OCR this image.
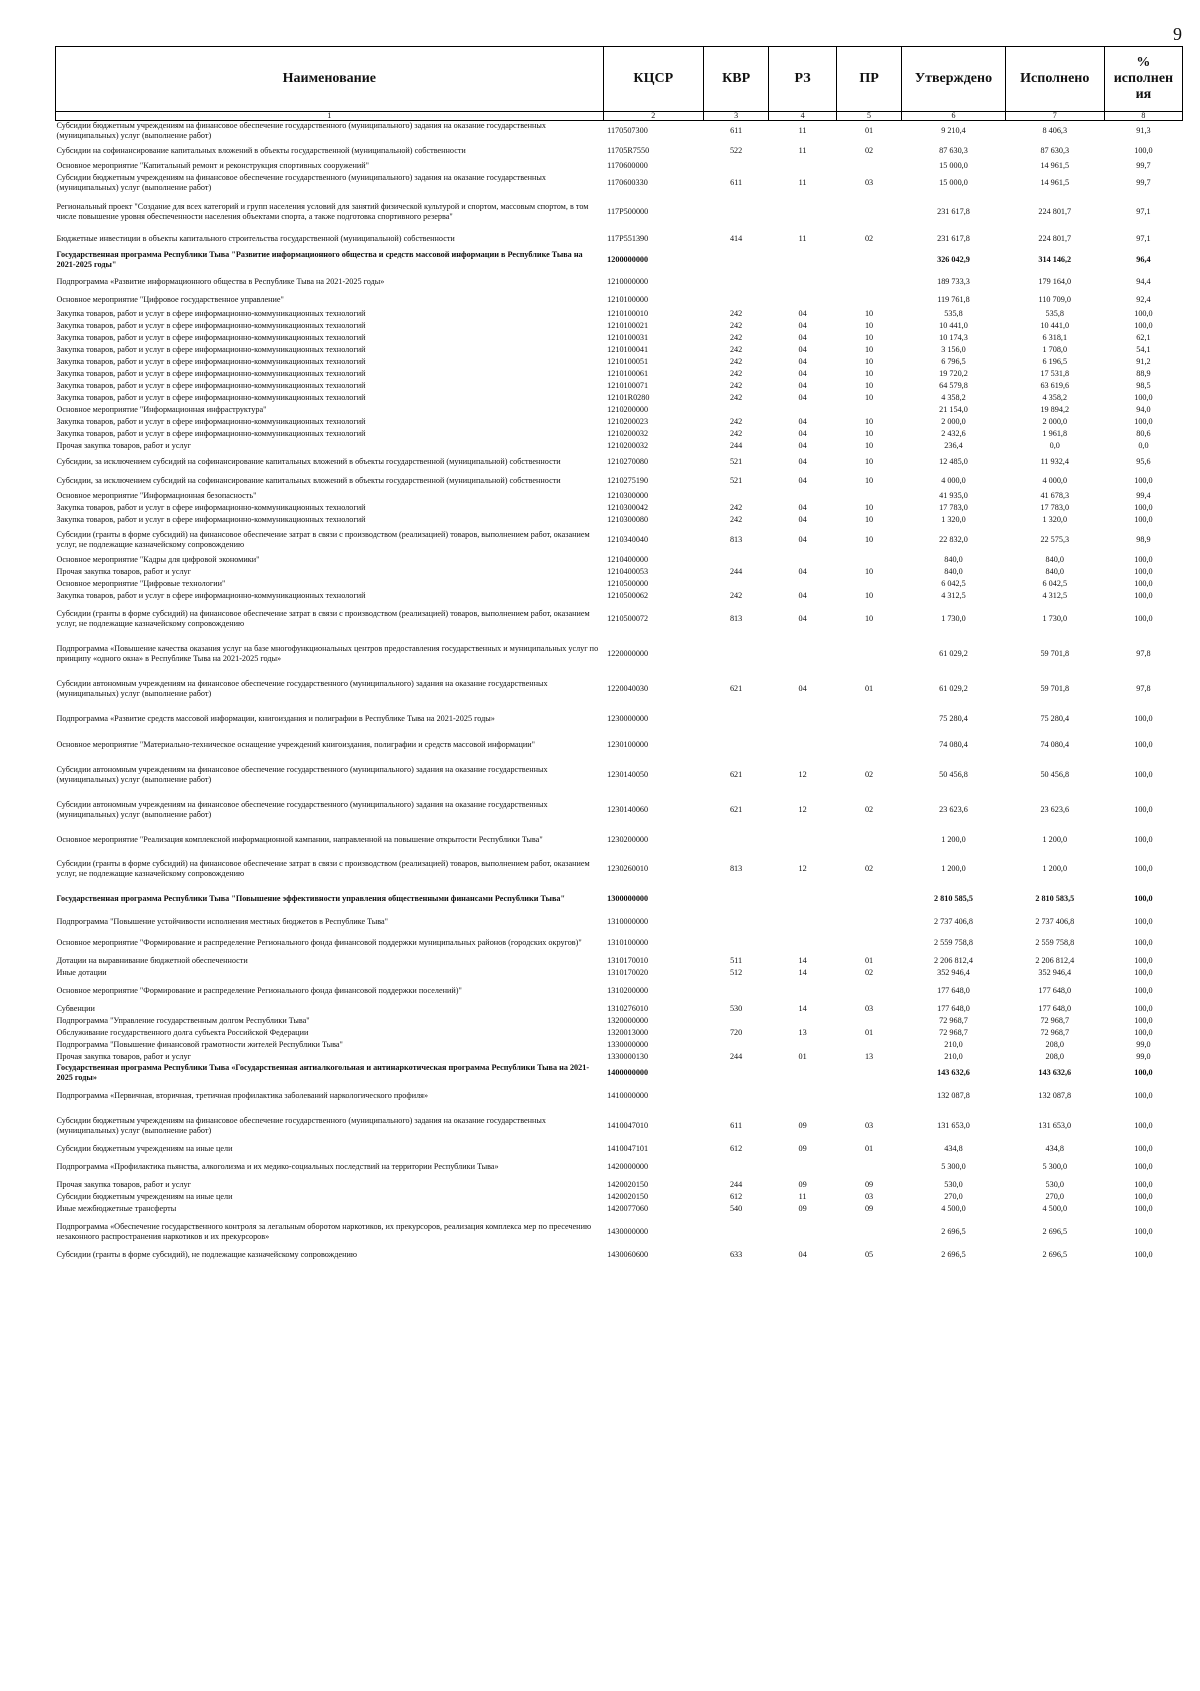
9
Наименование	КЦСР	КВР	РЗ	ПР	Утверждено	Исполнено	% исполнен ия
1	2	3	4	5	6	7	8
Субсидии бюджетным учреждениям на финансовое обеспечение государственного (муниципального) задания на оказание государственных (муниципальных) услуг (выполнение работ)	1170507300	611	11	01	9 210,4	8 406,3	91,3
Субсидии на софинансирование капитальных вложений в объекты государственной (муниципальной) собственности	11705R7550	522	11	02	87 630,3	87 630,3	100,0
Основное мероприятие "Капитальный ремонт и реконструкция спортивных сооружений"	1170600000				15 000,0	14 961,5	99,7
Субсидии бюджетным учреждениям на финансовое обеспечение государственного (муниципального) задания на оказание государственных (муниципальных) услуг (выполнение работ)	1170600330	611	11	03	15 000,0	14 961,5	99,7
Региональный проект "Создание для всех категорий и групп населения условий для занятий физической культурой и спортом, массовым спортом, в том числе повышение уровня обеспеченности населения объектами спорта, а также подготовка спортивного резерва"	117P500000				231 617,8	224 801,7	97,1
Бюджетные инвестиции в объекты капитального строительства государственной (муниципальной) собственности	117P551390	414	11	02	231 617,8	224 801,7	97,1
Государственная программа Республики Тыва "Развитие информационного общества и средств массовой информации в Республике Тыва на 2021-2025 годы"	1200000000				326 042,9	314 146,2	96,4
Подпрограмма «Развитие информационного общества в Республике Тыва на 2021-2025 годы»	1210000000				189 733,3	179 164,0	94,4
Основное мероприятие "Цифровое государственное управление"	1210100000				119 761,8	110 709,0	92,4
Закупка товаров, работ и услуг в сфере информационно-коммуникационных технологий	1210100010	242	04	10	535,8	535,8	100,0
Закупка товаров, работ и услуг в сфере информационно-коммуникационных технологий	1210100021	242	04	10	10 441,0	10 441,0	100,0
Закупка товаров, работ и услуг в сфере информационно-коммуникационных технологий	1210100031	242	04	10	10 174,3	6 318,1	62,1
Закупка товаров, работ и услуг в сфере информационно-коммуникационных технологий	1210100041	242	04	10	3 156,0	1 708,0	54,1
Закупка товаров, работ и услуг в сфере информационно-коммуникационных технологий	1210100051	242	04	10	6 796,5	6 196,5	91,2
Закупка товаров, работ и услуг в сфере информационно-коммуникационных технологий	1210100061	242	04	10	19 720,2	17 531,8	88,9
Закупка товаров, работ и услуг в сфере информационно-коммуникационных технологий	1210100071	242	04	10	64 579,8	63 619,6	98,5
Закупка товаров, работ и услуг в сфере информационно-коммуникационных технологий	12101R0280	242	04	10	4 358,2	4 358,2	100,0
Основное мероприятие "Информационная инфраструктура"	1210200000				21 154,0	19 894,2	94,0
Закупка товаров, работ и услуг в сфере информационно-коммуникационных технологий	1210200023	242	04	10	2 000,0	2 000,0	100,0
Закупка товаров, работ и услуг в сфере информационно-коммуникационных технологий	1210200032	242	04	10	2 432,6	1 961,8	80,6
Прочая закупка товаров, работ и услуг	1210200032	244	04	10	236,4	0,0	0,0
Субсидии, за исключением субсидий на софинансирование капитальных вложений в объекты государственной (муниципальной) собственности	1210270080	521	04	10	12 485,0	11 932,4	95,6
Субсидии, за исключением субсидий на софинансирование капитальных вложений в объекты государственной (муниципальной) собственности	1210275190	521	04	10	4 000,0	4 000,0	100,0
Основное мероприятие "Информационная безопасность"	1210300000				41 935,0	41 678,3	99,4
Закупка товаров, работ и услуг в сфере информационно-коммуникационных технологий	1210300042	242	04	10	17 783,0	17 783,0	100,0
Закупка товаров, работ и услуг в сфере информационно-коммуникационных технологий	1210300080	242	04	10	1 320,0	1 320,0	100,0
Субсидии (гранты в форме субсидий) на финансовое обеспечение затрат в связи с производством (реализацией) товаров, выполнением работ, оказанием услуг, не подлежащие казначейскому сопровождению	1210340040	813	04	10	22 832,0	22 575,3	98,9
Основное мероприятие "Кадры для цифровой экономики"	1210400000				840,0	840,0	100,0
Прочая закупка товаров, работ и услуг	1210400053	244	04	10	840,0	840,0	100,0
Основное мероприятие "Цифровые технологии"	1210500000				6 042,5	6 042,5	100,0
Закупка товаров, работ и услуг в сфере информационно-коммуникационных технологий	1210500062	242	04	10	4 312,5	4 312,5	100,0
Субсидии (гранты в форме субсидий) на финансовое обеспечение затрат в связи с производством (реализацией) товаров, выполнением работ, оказанием услуг, не подлежащие казначейскому сопровождению	1210500072	813	04	10	1 730,0	1 730,0	100,0
Подпрограмма «Повышение качества оказания услуг на базе многофункциональных центров предоставления государственных и муниципальных услуг по принципу «одного окна» в Республике Тыва на 2021-2025 годы»	1220000000				61 029,2	59 701,8	97,8
Субсидии автономным учреждениям на финансовое обеспечение государственного (муниципального) задания на оказание государственных (муниципальных) услуг (выполнение работ)	1220040030	621	04	01	61 029,2	59 701,8	97,8
Подпрограмма «Развитие средств массовой информации, книгоиздания и полиграфии в Республике Тыва на 2021-2025 годы»	1230000000				75 280,4	75 280,4	100,0
Основное мероприятие "Материально-техническое оснащение учреждений книгоиздания, полиграфии и средств массовой информации"	1230100000				74 080,4	74 080,4	100,0
Субсидии автономным учреждениям на финансовое обеспечение государственного (муниципального) задания на оказание государственных (муниципальных) услуг (выполнение работ)	1230140050	621	12	02	50 456,8	50 456,8	100,0
Субсидии автономным учреждениям на финансовое обеспечение государственного (муниципального) задания на оказание государственных (муниципальных) услуг (выполнение работ)	1230140060	621	12	02	23 623,6	23 623,6	100,0
Основное мероприятие "Реализация комплексной информационной кампании, направленной на повышение открытости Республики Тыва"	1230200000				1 200,0	1 200,0	100,0
Субсидии (гранты в форме субсидий) на финансовое обеспечение затрат в связи с производством (реализацией) товаров, выполнением работ, оказанием услуг, не подлежащие казначейскому сопровождению	1230260010	813	12	02	1 200,0	1 200,0	100,0
Государственная программа Республики Тыва "Повышение эффективности управления общественными финансами Республики Тыва"	1300000000				2 810 585,5	2 810 583,5	100,0
Подпрограмма "Повышение устойчивости исполнения местных бюджетов в Республике Тыва"	1310000000				2 737 406,8	2 737 406,8	100,0
Основное мероприятие "Формирование и распределение Регионального фонда финансовой поддержки муниципальных районов (городских округов)"	1310100000				2 559 758,8	2 559 758,8	100,0
Дотации на выравнивание бюджетной обеспеченности	1310170010	511	14	01	2 206 812,4	2 206 812,4	100,0
Иные дотации	1310170020	512	14	02	352 946,4	352 946,4	100,0
Основное мероприятие "Формирование и распределение Регионального фонда финансовой поддержки поселений)"	1310200000				177 648,0	177 648,0	100,0
Субвенции	1310276010	530	14	03	177 648,0	177 648,0	100,0
Подпрограмма "Управление государственным долгом Республики Тыва"	1320000000				72 968,7	72 968,7	100,0
Обслуживание государственного долга субъекта Российской Федерации	1320013000	720	13	01	72 968,7	72 968,7	100,0
Подпрограмма "Повышение финансовой грамотности жителей Республики Тыва"	1330000000				210,0	208,0	99,0
Прочая закупка товаров, работ и услуг	1330000130	244	01	13	210,0	208,0	99,0
Государственная программа Республики Тыва «Государственная антиалкогольная и антинаркотическая программа Республики Тыва на 2021-2025 годы»	1400000000				143 632,6	143 632,6	100,0
Подпрограмма «Первичная, вторичная, третичная профилактика заболеваний наркологического профиля»	1410000000				132 087,8	132 087,8	100,0
Субсидии бюджетным учреждениям на финансовое обеспечение государственного (муниципального) задания на оказание государственных (муниципальных) услуг (выполнение работ)	1410047010	611	09	03	131 653,0	131 653,0	100,0
Субсидии бюджетным учреждениям на иные цели	1410047101	612	09	01	434,8	434,8	100,0
Подпрограмма «Профилактика пьянства, алкоголизма и их медико-социальных последствий на территории Республики Тыва»	1420000000				5 300,0	5 300,0	100,0
Прочая закупка товаров, работ и услуг	1420020150	244	09	09	530,0	530,0	100,0
Субсидии бюджетным учреждениям на иные цели	1420020150	612	11	03	270,0	270,0	100,0
Иные межбюджетные трансферты	1420077060	540	09	09	4 500,0	4 500,0	100,0
Подпрограмма «Обеспечение государственного контроля за легальным оборотом наркотиков, их прекурсоров, реализация комплекса мер по пресечению незаконного распространения наркотиков и их прекурсоров»	1430000000				2 696,5	2 696,5	100,0
Субсидии (гранты в форме субсидий), не подлежащие казначейскому сопровождению	1430060600	633	04	05	2 696,5	2 696,5	100,0
